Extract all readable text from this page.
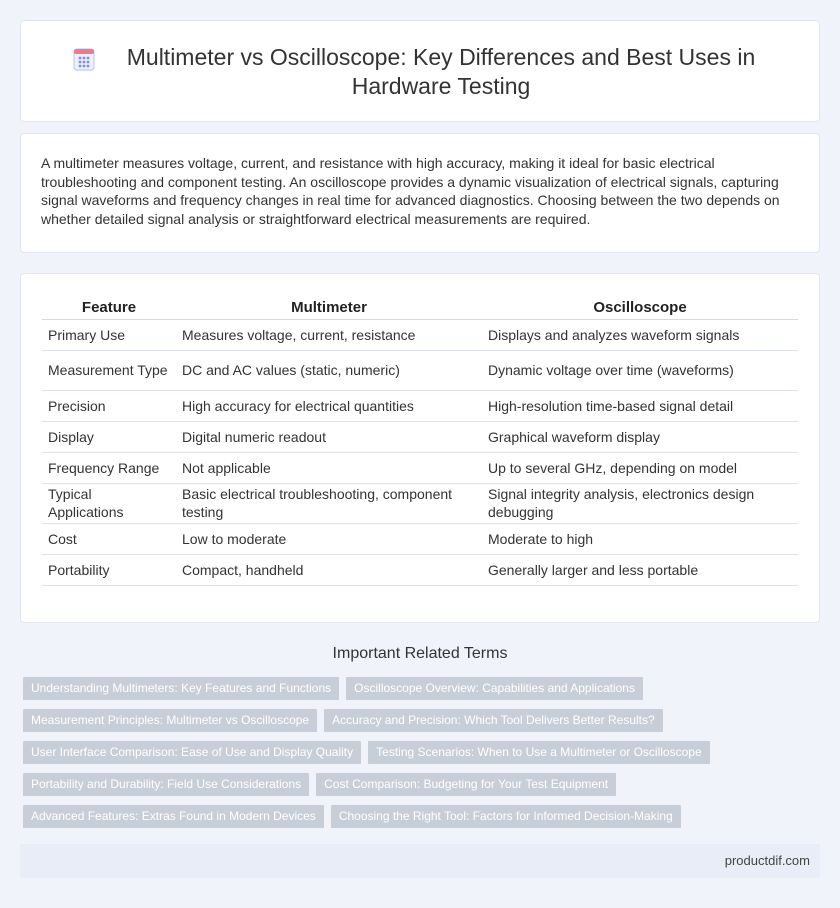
Multimeter vs Oscilloscope: Key Differences and Best Uses in Hardware Testing

A multimeter measures voltage, current, and resistance with high accuracy, making it ideal for basic electrical troubleshooting and component testing. An oscilloscope provides a dynamic visualization of electrical signals, capturing signal waveforms and frequency changes in real time for advanced diagnostics. Choosing between the two depends on whether detailed signal analysis or straightforward electrical measurements are required.

Feature	Multimeter	Oscilloscope
Primary Use	Measures voltage, current, resistance	Displays and analyzes waveform signals
Measurement Type	DC and AC values (static, numeric)	Dynamic voltage over time (waveforms)
Precision	High accuracy for electrical quantities	High-resolution time-based signal detail
Display	Digital numeric readout	Graphical waveform display
Frequency Range	Not applicable	Up to several GHz, depending on model
Typical Applications	Basic electrical troubleshooting, component testing	Signal integrity analysis, electronics design debugging
Cost	Low to moderate	Moderate to high
Portability	Compact, handheld	Generally larger and less portable
Important Related Terms
Understanding Multimeters: Key Features and Functions	Oscilloscope Overview: Capabilities and Applications
Measurement Principles: Multimeter vs Oscilloscope	Accuracy and Precision: Which Tool Delivers Better Results?
User Interface Comparison: Ease of Use and Display Quality	Testing Scenarios: When to Use a Multimeter or Oscilloscope
Portability and Durability: Field Use Considerations	Cost Comparison: Budgeting for Your Test Equipment
Advanced Features: Extras Found in Modern Devices	Choosing the Right Tool: Factors for Informed Decision-Making
productdif.com
